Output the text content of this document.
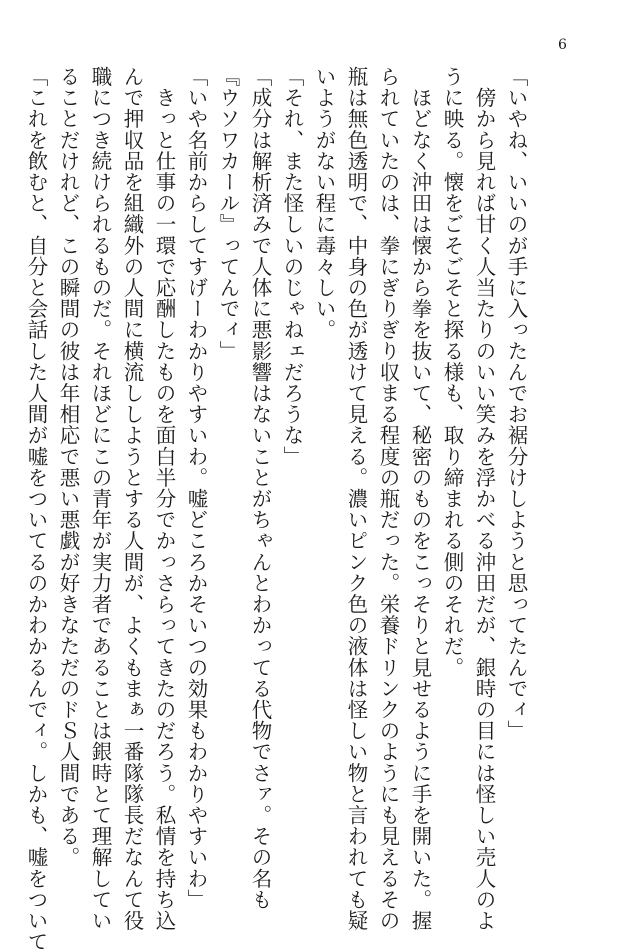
6

「いやね、いいのが手に入ったんでお裾分けしようと思ってたんでィ」

　傍から見れば甘く人当たりのいい笑みを浮かべる沖田だが、銀時の目には怪しい売人のよ

うに映る。懐をごそごそと探る様も、取り締まれる側のそれだ。

　ほどなく沖田は懐から拳を抜いて、秘密のものをこっそりと見せるように手を開いた。握

られていたのは、拳にぎりぎり収まる程度の瓶だった。栄養ドリンクのようにも見えるその

瓶は無色透明で、中身の色が透けて見える。濃いピンク色の液体は怪しい物と言われても疑

いようがない程に毒々しい。

「それ、また怪しいのじゃねェだろうな」

「成分は解析済みで人体に悪影響はないことがちゃんとわかってる代物でさァ。その名も

『ウソワカール』ってんでィ」

「いや名前からしてすげーわかりやすいわ。嘘どころかそいつの効果もわかりやすいわ」

　きっと仕事の一環で応酬したものを面白半分でかっさらってきたのだろう。私情を持ち込

んで押収品を組織外の人間に横流ししようとする人間が、よくもまぁ一番隊隊長だなんて役

職につき続けられるものだ。それほどにこの青年が実力者であることは銀時とて理解してい

ることだけれど、この瞬間の彼は年相応で悪い悪戯が好きなただのドＳ人間である。

「これを飲むと、自分と会話した人間が嘘をついてるのかわかるんでィ。しかも、嘘をついて
